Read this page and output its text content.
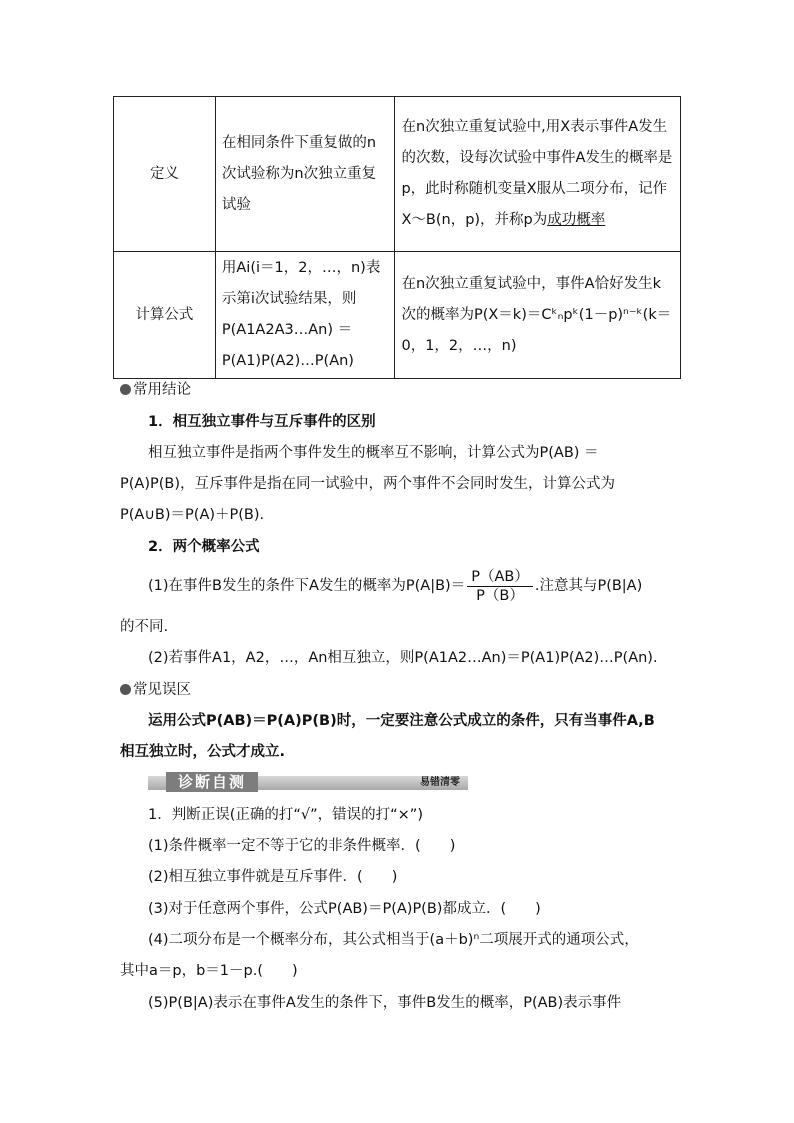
定义	在相同条件下重复做的n次试验称为n次独立重复试验	在n次独立重复试验中,用X表示事件A发生的次数，设每次试验中事件A发生的概率是p，此时称随机变量X服从二项分布，记作X～B(n，p)，并称p为成功概率
计算公式	用Ai(i＝1，2，…，n)表示第i次试验结果，则P(A1A2A3…An) ＝ P(A1)P(A2)…P(An)	在n次独立重复试验中，事件A恰好发生k次的概率为P(X＝k)＝Cᵏₙpᵏ(1－p)ⁿ⁻ᵏ(k＝0，1，2，…，n)
常用结论
1．相互独立事件与互斥事件的区别
相互独立事件是指两个事件发生的概率互不影响，计算公式为P(AB) ＝
P(A)P(B)，互斥事件是指在同一试验中，两个事件不会同时发生，计算公式为
P(A∪B)＝P(A)＋P(B).
2．两个概率公式
(1)在事件B发生的条件下A发生的概率为$P(A|B)= \frac{P(AB)}{P(B)}$ .注意其与P(B|A)
的不同.
(2)若事件A1，A2，…，An相互独立，则P(A1A2…An)＝P(A1)P(A2)…P(An).
常见误区
运用公式P(AB)＝P(A)P(B)时，一定要注意公式成立的条件，只有当事件A,B
相互独立时，公式才成立.
诊断自测	易错清零
1．判断正误(正确的打“√”，错误的打“×”)
(1)条件概率一定不等于它的非条件概率．(　　)
(2)相互独立事件就是互斥事件．(　　)
(3)对于任意两个事件，公式P(AB)＝P(A)P(B)都成立．(　　)
(4)二项分布是一个概率分布，其公式相当于(a＋b)ⁿ二项展开式的通项公式，
其中a＝p，b＝1－p.(　　)
(5)P(B|A)表示在事件A发生的条件下，事件B发生的概率，P(AB)表示事件
